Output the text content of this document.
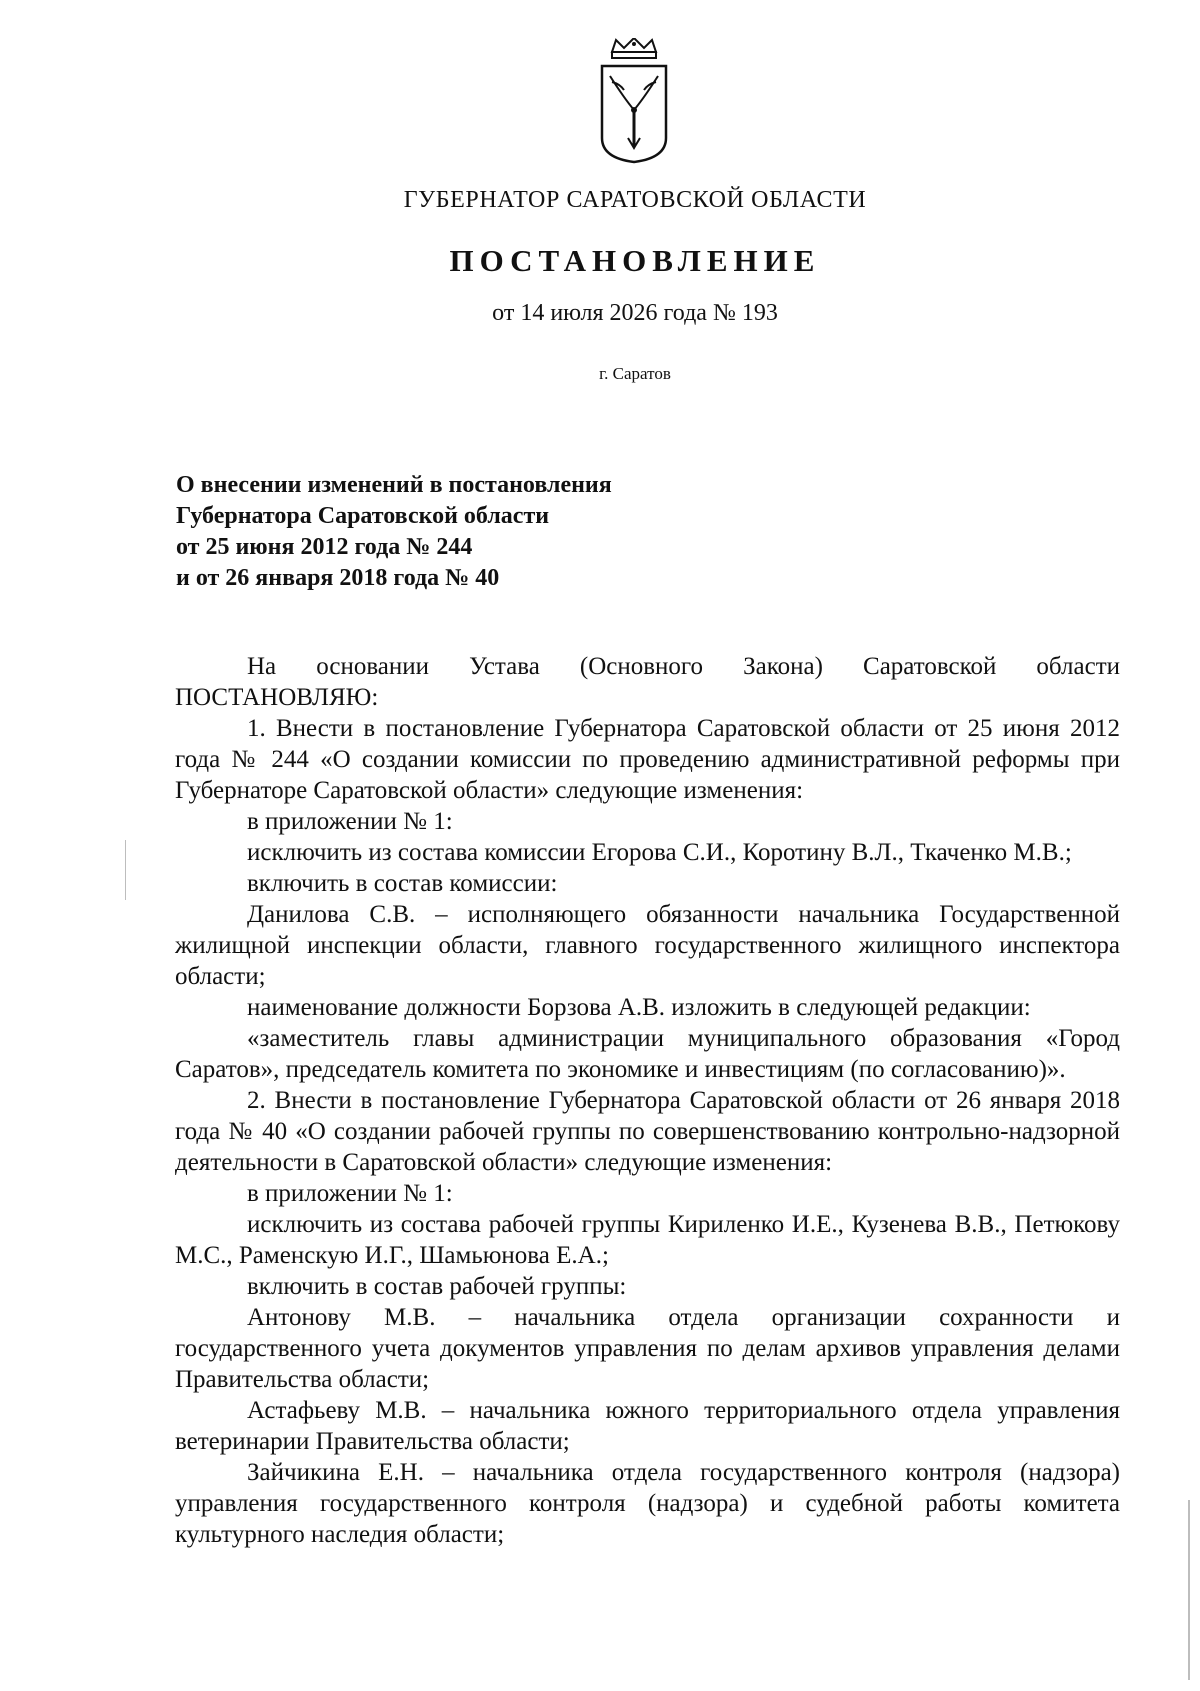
ГУБЕРНАТОР САРАТОВСКОЙ ОБЛАСТИ
ПОСТАНОВЛЕНИЕ
от 14 июля 2026 года № 193
г. Саратов
О внесении изменений в постановления
Губернатора Саратовской области
от 25 июня 2012 года № 244
и от 26 января 2018 года № 40

На основании Устава (Основного Закона) Саратовской области

ПОСТАНОВЛЯЮ:

1. Внести в постановление Губернатора Саратовской области от 25 июня 2012 года № 244 «О создании комиссии по проведению административной реформы при Губернаторе Саратовской области» следующие изменения:

в приложении № 1:

исключить из состава комиссии Егорова С.И., Коротину В.Л., Ткаченко М.В.;

включить в состав комиссии:

Данилова С.В. – исполняющего обязанности начальника Государственной жилищной инспекции области, главного государственного жилищного инспектора области;

наименование должности Борзова А.В. изложить в следующей редакции:

«заместитель главы администрации муниципального образования «Город Саратов», председатель комитета по экономике и инвестициям (по согласованию)».

2. Внести в постановление Губернатора Саратовской области от 26 января 2018 года № 40 «О создании рабочей группы по совершенствованию контрольно-надзорной деятельности в Саратовской области» следующие изменения:

в приложении № 1:

исключить из состава рабочей группы Кириленко И.Е., Кузенева В.В., Петюкову М.С., Раменскую И.Г., Шамьюнова Е.А.;

включить в состав рабочей группы:

Антонову М.В. – начальника отдела организации сохранности и государственного учета документов управления по делам архивов управления делами Правительства области;

Астафьеву М.В. – начальника южного территориального отдела управления ветеринарии Правительства области;

Зайчикина Е.Н. – начальника отдела государственного контроля (надзора) управления государственного контроля (надзора) и судебной работы комитета культурного наследия области;
